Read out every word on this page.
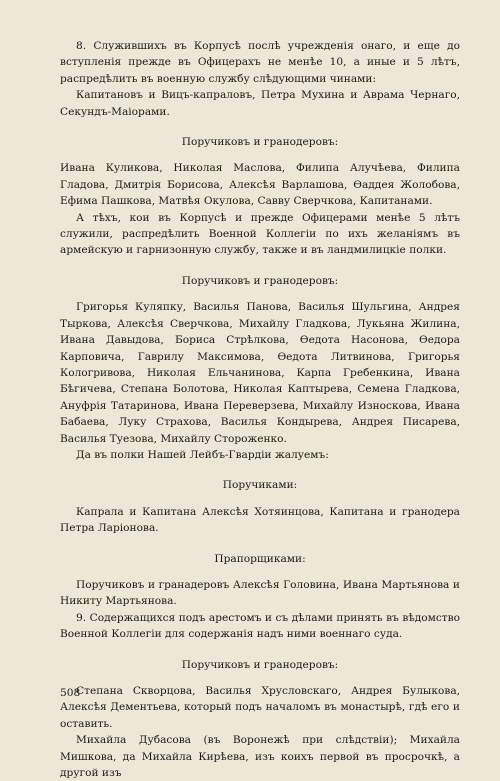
8. Служившихъ въ Корпусѣ послѣ учрежденія онаго, и еще до вступленія прежде въ Офицерахъ не менѣе 10, а иные и 5 лѣтъ, распредѣлить въ военную службу слѣдующими чинами:

Капитановъ и Вицъ-капраловъ, Петра Мухина и Аврама Чернаго, Секундъ-Маіорами.

Поручиковъ и гранодеровъ:

Ивана Куликова, Николая Маслова, Филипа Алучѣева, Филипа Гладова, Дмитрія Борисова, Алексѣя Варлашова, Ѳаддея Жолобова, Ефима Пашкова, Матвѣя Окулова, Савву Сверчкова, Капитанами.

А тѣхъ, кои въ Корпусѣ и прежде Офицерами менѣе 5 лѣтъ служили, распредѣлить Военной Коллегіи по ихъ желаніямъ въ армейскую и гарнизонную службу, также и въ ландмилицкіе полки.

Поручиковъ и гранодеровъ:

Григорья Куляпку, Василья Панова, Василья Шульгина, Андрея Тыркова, Алексѣя Сверчкова, Михайлу Гладкова, Лукьяна Жилина, Ивана Давыдова, Бориса Стрѣлкова, Ѳедота Насонова, Ѳедора Карповича, Гаврилу Максимова, Ѳедота Литвинова, Григорья Кологривова, Николая Ельчанинова, Карпа Гребенкина, Ивана Бѣгичева, Степана Болотова, Николая Каптырева, Семена Гладкова, Ануфрія Татаринова, Ивана Переверзева, Михайлу Износкова, Ивана Бабаева, Луку Страхова, Василья Кондырева, Андрея Писарева, Василья Туезова, Михайлу Стороженко.

Да въ полки Нашей Лейбъ-Гвардіи жалуемъ:

Поручиками:

Капрала и Капитана Алексѣя Хотяинцова, Капитана и гранодера Петра Ларіонова.

Прапорщиками:

Поручиковъ и гранадеровъ Алексѣя Головина, Ивана Мартьянова и Никиту Мартьянова.

9. Содержащихся подъ арестомъ и съ дѣлами принять въ вѣдомство Военной Коллегіи для содержанія надъ ними военнаго суда.

Поручиковъ и гранодеровъ:

Степана Скворцова, Василья Хрусловскаго, Андрея Булыкова, Алексѣя Дементьева, который подъ началомъ въ монастырѣ, гдѣ его и оставить.

Михайла Дубасова (въ Воронежѣ при слѣдствіи); Михайла Мишкова, да Михайла Кирѣева, изъ коихъ первой въ просрочкѣ, а другой изъ

508
